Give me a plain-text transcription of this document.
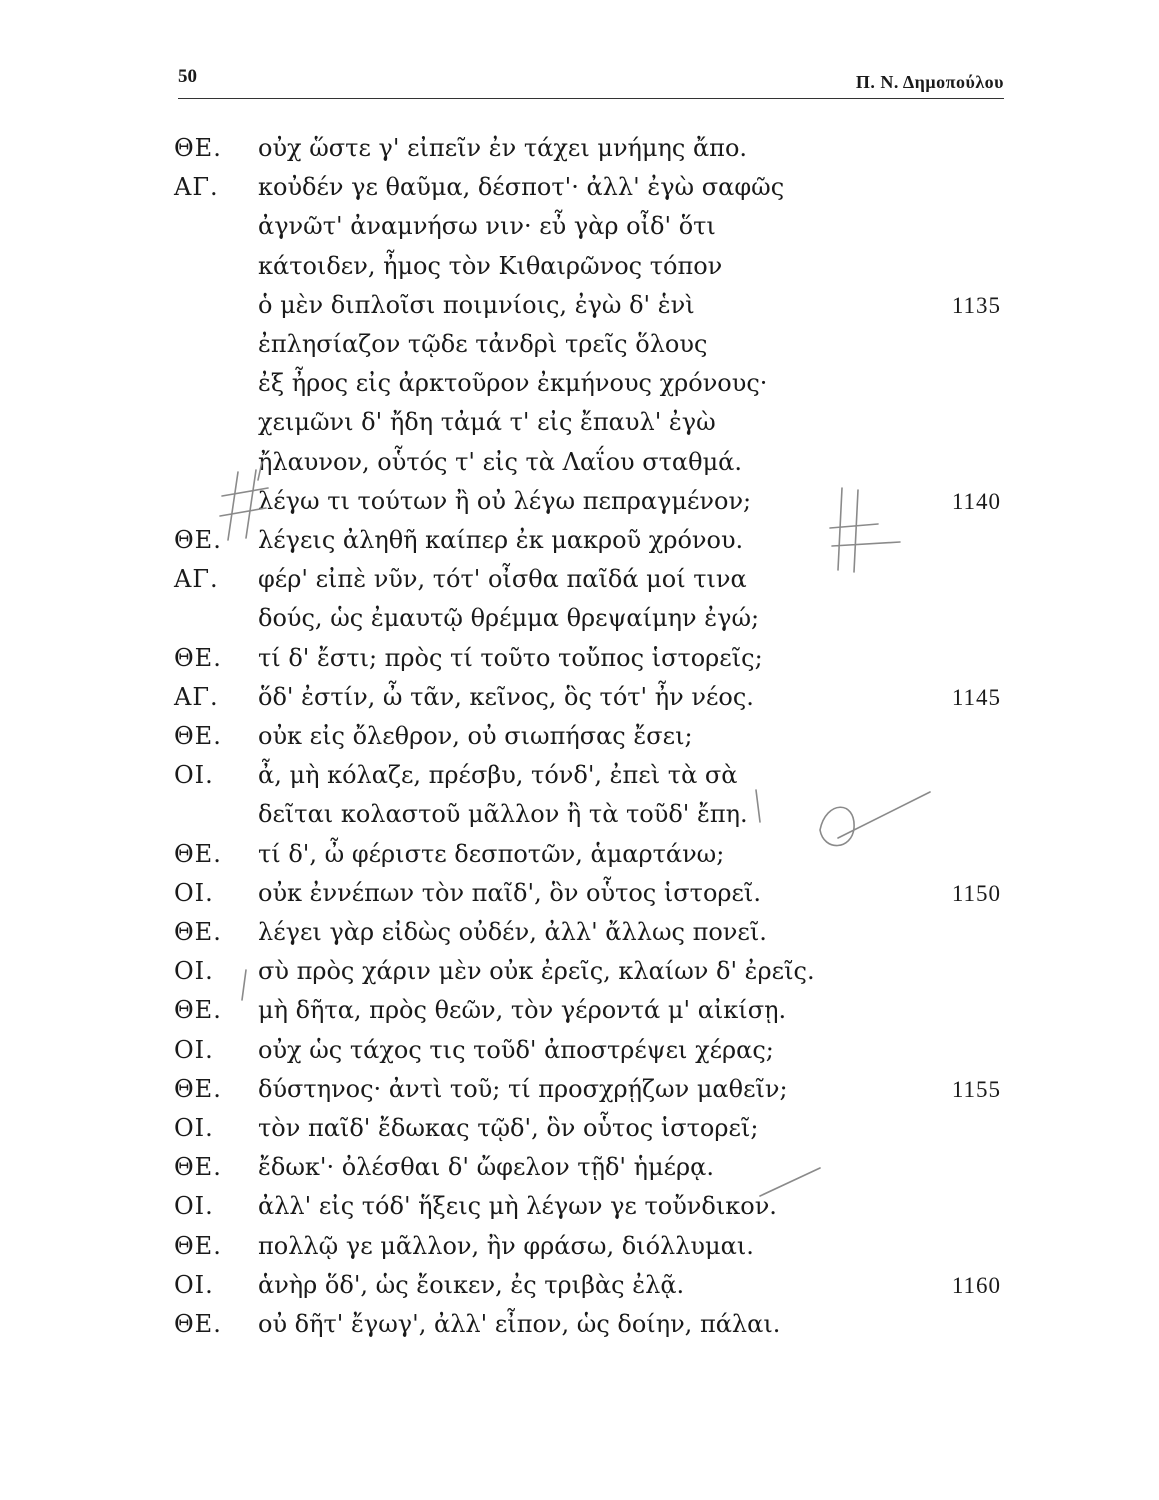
50	Π. Ν. Δημοπούλου
ΘΕ. οὐχ ὥστε γ' εἰπεῖν ἐν τάχει μνήμης ἄπο.
ΑΓ. κοὐδέν γε θαῦμα, δέσποτ'· ἀλλ' ἐγὼ σαφῶς
ἀγνῶτ' ἀναμνήσω νιν· εὖ γὰρ οἶδ' ὅτι
κάτοιδεν, ἦμος τὸν Κιθαιρῶνος τόπον
ὁ μὲν διπλοῖσι ποιμνίοις, ἐγὼ δ' ἑνὶ	1135
ἐπλησίαζον τῷδε τἀνδρὶ τρεῖς ὅλους
ἐξ ἦρος εἰς ἀρκτοῦρον ἐκμήνους χρόνους·
χειμῶνι δ' ἤδη τἀμά τ' εἰς ἔπαυλ' ἐγὼ
ἤλαυνον, οὗτός τ' εἰς τὰ Λαΐου σταθμά.
λέγω τι τούτων ἢ οὐ λέγω πεπραγμένον;	1140
ΘΕ. λέγεις ἀληθῆ καίπερ ἐκ μακροῦ χρόνου.
ΑΓ. φέρ' εἰπὲ νῦν, τότ' οἶσθα παῖδά μοί τινα
δούς, ὡς ἐμαυτῷ θρέμμα θρεψαίμην ἐγώ;
ΘΕ. τί δ' ἔστι; πρὸς τί τοῦτο τοὔπος ἱστορεῖς;
ΑΓ. ὅδ' ἐστίν, ὦ τᾶν, κεῖνος, ὃς τότ' ἦν νέος.	1145
ΘΕ. οὐκ εἰς ὄλεθρον, οὐ σιωπήσας ἔσει;
ΟΙ. ἆ, μὴ κόλαζε, πρέσβυ, τόνδ', ἐπεὶ τὰ σὰ
δεῖται κολαστοῦ μᾶλλον ἢ τὰ τοῦδ' ἔπη.
ΘΕ. τί δ', ὦ φέριστε δεσποτῶν, ἁμαρτάνω;
ΟΙ. οὐκ ἐννέπων τὸν παῖδ', ὃν οὗτος ἱστορεῖ.	1150
ΘΕ. λέγει γὰρ εἰδὼς οὐδέν, ἀλλ' ἄλλως πονεῖ.
ΟΙ. σὺ πρὸς χάριν μὲν οὐκ ἐρεῖς, κλαίων δ' ἐρεῖς.
ΘΕ. μὴ δῆτα, πρὸς θεῶν, τὸν γέροντά μ' αἰκίσῃ.
ΟΙ. οὐχ ὡς τάχος τις τοῦδ' ἀποστρέψει χέρας;
ΘΕ. δύστηνος· ἀντὶ τοῦ; τί προσχρῄζων μαθεῖν;	1155
ΟΙ. τὸν παῖδ' ἔδωκας τῷδ', ὃν οὗτος ἱστορεῖ;
ΘΕ. ἔδωκ'· ὀλέσθαι δ' ὤφελον τῇδ' ἡμέρᾳ.
ΟΙ. ἀλλ' εἰς τόδ' ἥξεις μὴ λέγων γε τοὔνδικον.
ΘΕ. πολλῷ γε μᾶλλον, ἢν φράσω, διόλλυμαι.
ΟΙ. ἁνὴρ ὅδ', ὡς ἔοικεν, ἐς τριβὰς ἐλᾷ.	1160
ΘΕ. οὐ δῆτ' ἔγωγ', ἀλλ' εἶπον, ὡς δοίην, πάλαι.
